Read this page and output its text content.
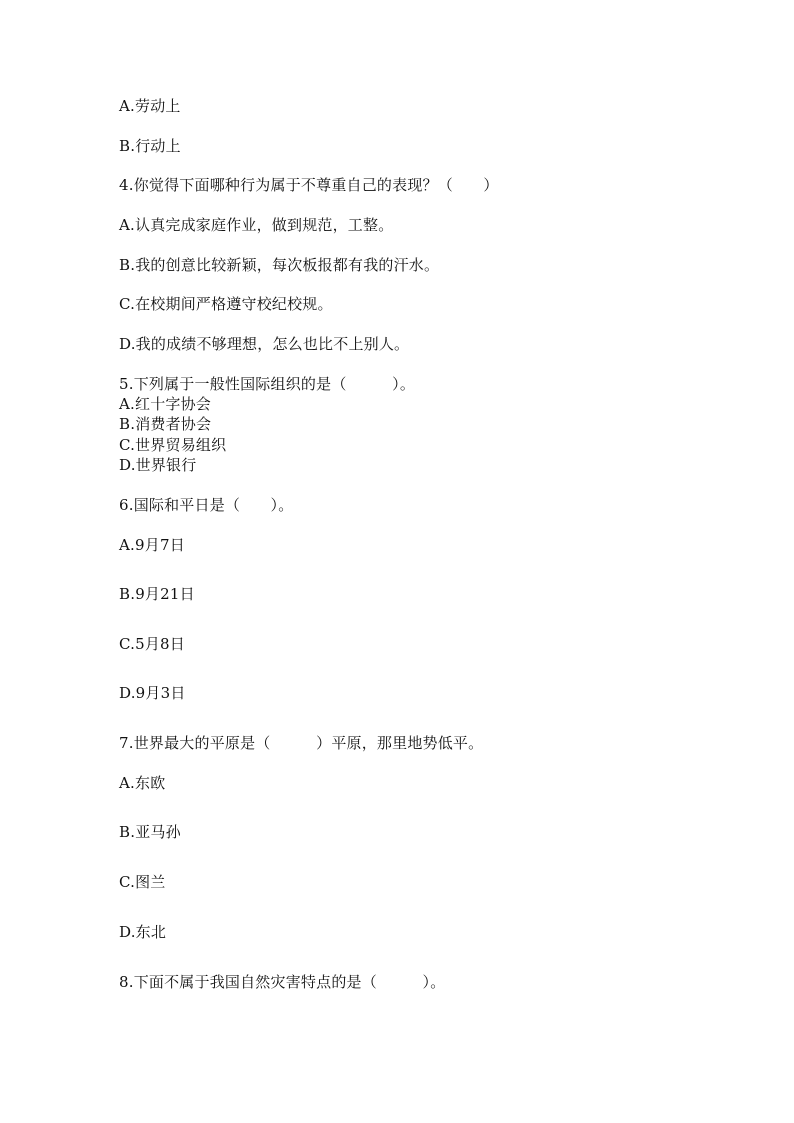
A.劳动上
B.行动上
4.你觉得下面哪种行为属于不尊重自己的表现？（　　）
A.认真完成家庭作业，做到规范，工整。
B.我的创意比较新颖，每次板报都有我的汗水。
C.在校期间严格遵守校纪校规。
D.我的成绩不够理想，怎么也比不上别人。
5.下列属于一般性国际组织的是（　　　）。
A.红十字协会
B.消费者协会
C.世界贸易组织
D.世界银行
6.国际和平日是（　　）。
A.9月7日
B.9月21日
C.5月8日
D.9月3日
7.世界最大的平原是（　　　）平原，那里地势低平。
A.东欧
B.亚马孙
C.图兰
D.东北
8.下面不属于我国自然灾害特点的是（　　　）。
